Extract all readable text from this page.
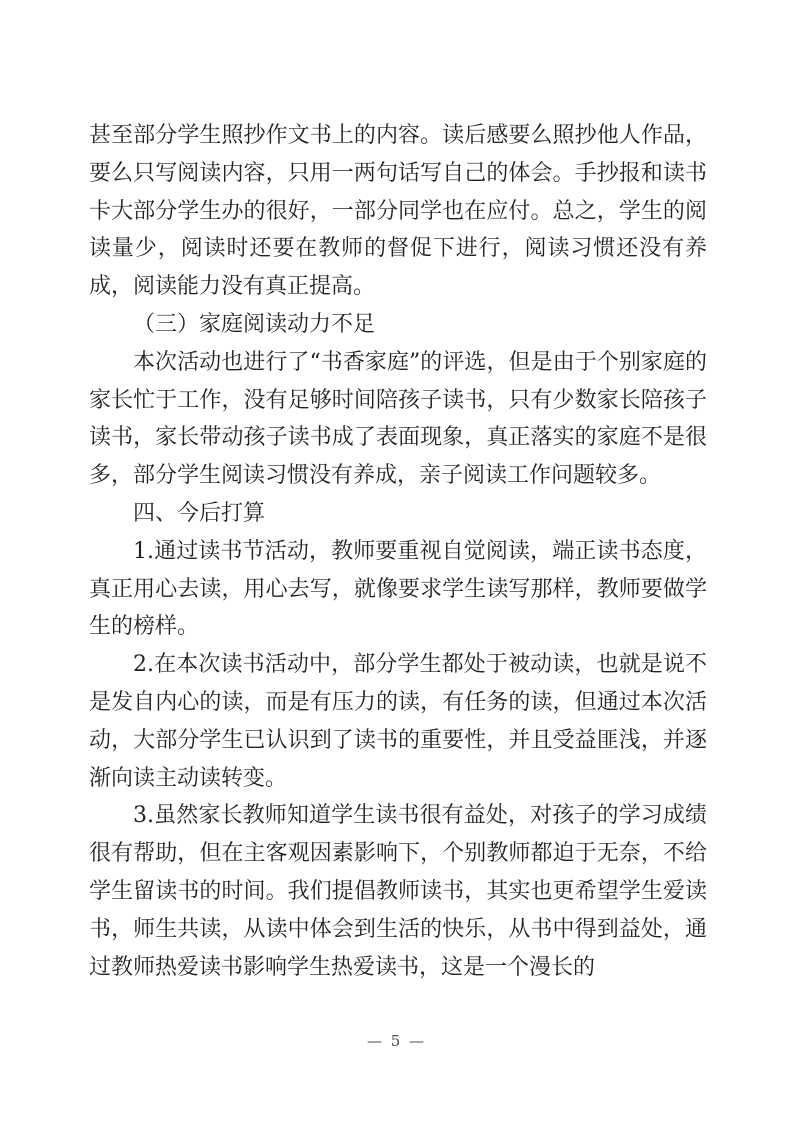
甚至部分学生照抄作文书上的内容。读后感要么照抄他人作品，要么只写阅读内容，只用一两句话写自己的体会。手抄报和读书卡大部分学生办的很好，一部分同学也在应付。总之，学生的阅读量少，阅读时还要在教师的督促下进行，阅读习惯还没有养成，阅读能力没有真正提高。

（三）家庭阅读动力不足

本次活动也进行了“书香家庭”的评选，但是由于个别家庭的家长忙于工作，没有足够时间陪孩子读书，只有少数家长陪孩子读书，家长带动孩子读书成了表面现象，真正落实的家庭不是很多，部分学生阅读习惯没有养成，亲子阅读工作问题较多。

四、今后打算

1.通过读书节活动，教师要重视自觉阅读，端正读书态度，真正用心去读，用心去写，就像要求学生读写那样，教师要做学生的榜样。

2.在本次读书活动中，部分学生都处于被动读，也就是说不是发自内心的读，而是有压力的读，有任务的读，但通过本次活动，大部分学生已认识到了读书的重要性，并且受益匪浅，并逐渐向读主动读转变。

3.虽然家长教师知道学生读书很有益处，对孩子的学习成绩很有帮助，但在主客观因素影响下，个别教师都迫于无奈，不给学生留读书的时间。我们提倡教师读书，其实也更希望学生爱读书，师生共读，从读中体会到生活的快乐，从书中得到益处，通过教师热爱读书影响学生热爱读书，这是一个漫长的

— 5 —
